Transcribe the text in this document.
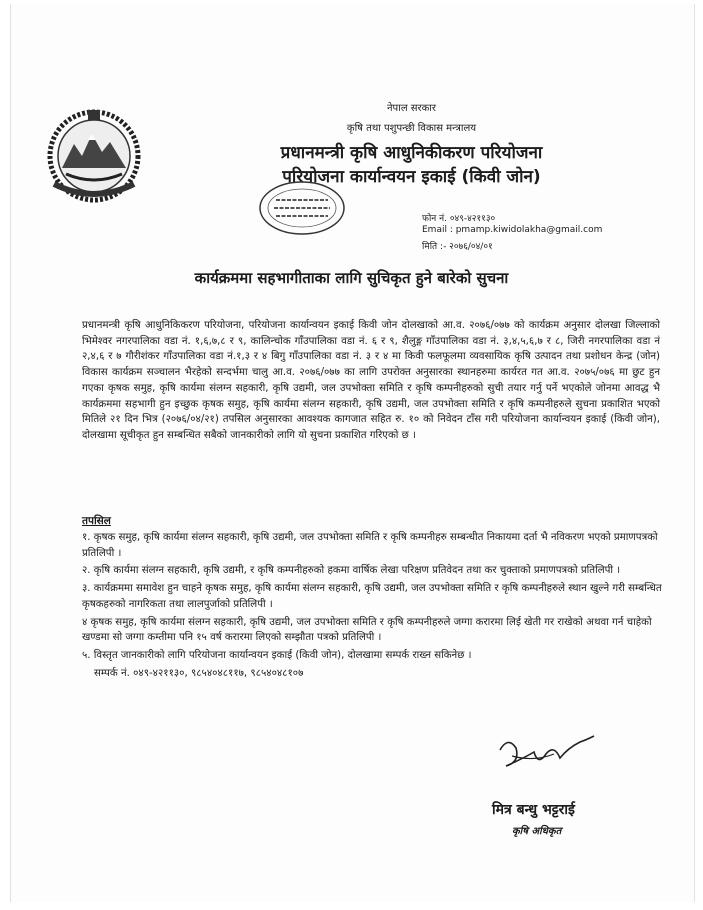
नेपाल सरकार
कृषि तथा पशुपन्छी विकास मन्त्रालय
प्रधानमन्त्री कृषि आधुनिकीकरण परियोजना
परियोजना कार्यान्वयन इकाई (किवी जोन)
फोन नं. ०४९-४२११३०
Email : pmamp.kiwidolakha@gmail.com
मिति :- २०७६/०४/०१
कार्यक्रममा सहभागीताका लागि सुचिकृत हुने बारेको सुचना

प्रधानमन्त्री कृषि आधुनिकिकरण परियोजना, परियोजना कार्यान्वयन इकाई किवी जोन दोलखाको आ.व. २०७६/०७७ को कार्यक्रम अनुसार दोलखा जिल्लाको भिमेश्वर नगरपालिका वडा नं. १,६,७,८ र ९, कालिन्चोक गाँउपालिका वडा नं. ६ र ९, शैलुङ्ग गाँउपालिका वडा नं. ३,४,५,६,७ र ८, जिरी नगरपालिका वडा नं २,४,६ र ७ गौरीशंकर गाँउपालिका वडा नं.१,३ र ४ बिगु गाँउपालिका वडा नं. ३ र ४ मा किवी फलफूलमा व्यवसायिक कृषि उत्पादन तथा प्रशोधन केन्द्र (जोन) विकास कार्यक्रम सञ्चालन भैरहेको सन्दर्भमा चालु आ.व. २०७६/०७७ का लागि उपरोक्त अनुसारका स्थानहरुमा कार्यरत गत आ.व. २०७५/०७६ मा छुट हुन गएका कृषक समुह, कृषि कार्यमा संलग्न सहकारी, कृषि उद्यमी, जल उपभोक्ता समिति र कृषि कम्पनीहरुको सुची तयार गर्नु पर्ने भएकोले जोनमा आवद्ध भै कार्यक्रममा सहभागी हुन इच्छुक कृषक समुह, कृषि कार्यमा संलग्न सहकारी, कृषि उद्यमी, जल उपभोक्ता समिति र कृषि कम्पनीहरुले सुचना प्रकाशित भएको मितिले २१ दिन भित्र (२०७६/०४/२१) तपसिल अनुसारका आवश्यक कागजात सहित रु. १० को निवेदन टाँस गरी परियोजना कार्यान्वयन इकाई (किवी जोन), दोलखामा सूचीकृत हुन सम्बन्धित सबैको जानकारीको लागि यो सुचना प्रकाशित गरिएको छ ।

तपसिल

१. कृषक समुह, कृषि कार्यमा संलग्न सहकारी, कृषि उद्यमी, जल उपभोक्ता समिति र कृषि कम्पनीहरु सम्बन्धीत निकायमा दर्ता भै नविकरण भएको प्रमाणपत्रको प्रतिलिपी ।

२. कृषि कार्यमा संलग्न सहकारी, कृषि उद्यमी, र कृषि कम्पनीहरुको हकमा वार्षिक लेखा परिक्षण प्रतिवेदन तथा कर चुक्ताको प्रमाणपत्रको प्रतिलिपी ।

३. कार्यक्रममा समावेश हुन चाहने कृषक समुह, कृषि कार्यमा संलग्न सहकारी, कृषि उद्यमी, जल उपभोक्ता समिति र कृषि कम्पनीहरुले स्थान खुल्ने गरी सम्बन्धित कृषकहरुको नागरिकता तथा लालपुर्जाको प्रतिलिपी ।

४ कृषक समुह, कृषि कार्यमा संलग्न सहकारी, कृषि उद्यमी, जल उपभोक्ता समिति र कृषि कम्पनीहरुले जग्गा करारमा लिई खेती गर राखेको अथवा गर्न चाहेको खण्डमा सो जग्गा कम्तीमा पनि १५ वर्ष करारमा लिएको सम्झौता पत्रको प्रतिलिपी ।

५. विस्तृत जानकारीको लागि परियोजना कार्यान्वयन इकाई (किवी जोन), दोलखामा सम्पर्क राख्न सकिनेछ ।

सम्पर्क नं. ०४९-४२११३०, ९८५४०४८११७, ९८५४०४८१०७

मित्र बन्धु भट्टराई
कृषि अधिकृत
